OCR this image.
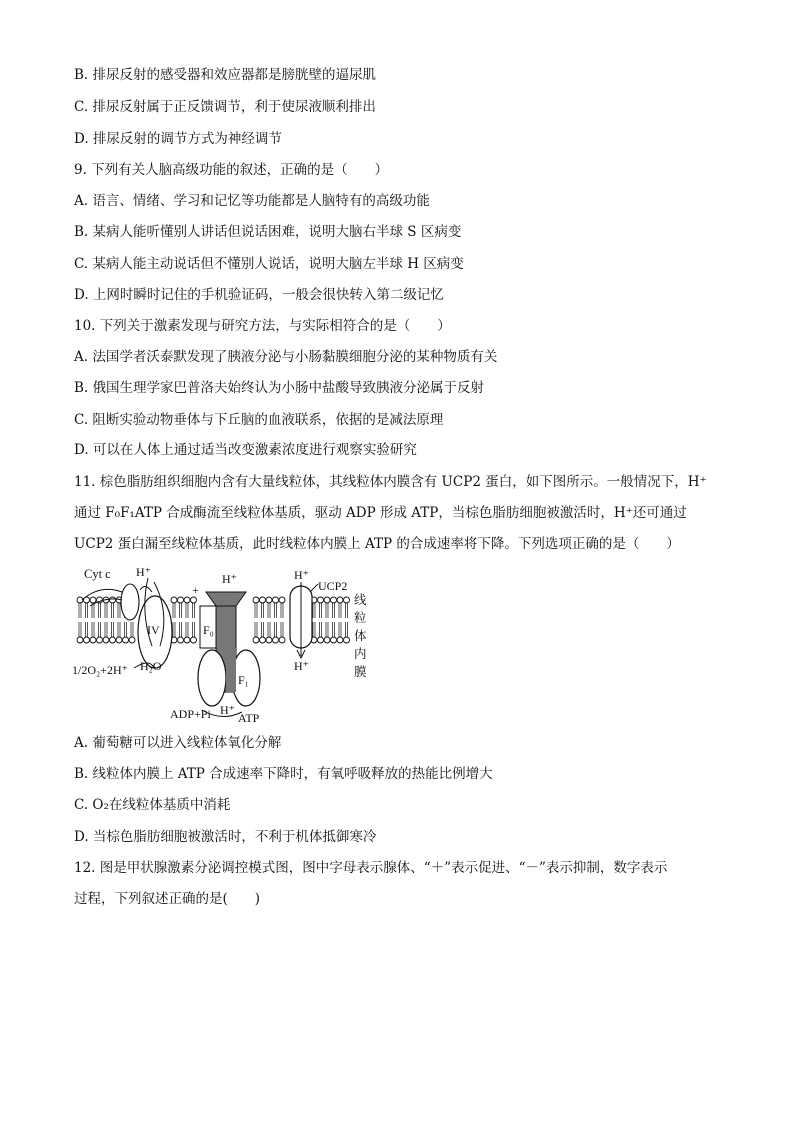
B. 排尿反射的感受器和效应器都是膀胱壁的逼尿肌
C. 排尿反射属于正反馈调节，利于使尿液顺利排出
D. 排尿反射的调节方式为神经调节
9. 下列有关人脑高级功能的叙述，正确的是（　　）
A. 语言、情绪、学习和记忆等功能都是人脑特有的高级功能
B. 某病人能听懂别人讲话但说话困难，说明大脑右半球 S 区病变
C. 某病人能主动说话但不懂别人说话，说明大脑左半球 H 区病变
D. 上网时瞬时记住的手机验证码，一般会很快转入第二级记忆
10. 下列关于激素发现与研究方法，与实际相符合的是（　　）
A. 法国学者沃泰默发现了胰液分泌与小肠黏膜细胞分泌的某种物质有关
B. 俄国生理学家巴普洛夫始终认为小肠中盐酸导致胰液分泌属于反射
C. 阻断实验动物垂体与下丘脑的血液联系，依据的是减法原理
D. 可以在人体上通过适当改变激素浓度进行观察实验研究
11. 棕色脂肪组织细胞内含有大量线粒体，其线粒体内膜含有 UCP2 蛋白，如下图所示。一般情况下，H⁺
通过 F₀F₁ATP 合成酶流至线粒体基质，驱动 ADP 形成 ATP，当棕色脂肪细胞被激活时，H⁺还可通过
UCP2 蛋白漏至线粒体基质，此时线粒体内膜上 ATP 的合成速率将下降。下列选项正确的是（　　）
Cyt c H⁺
IV
+
H⁺
F₀
F₁
H⁺
UCP2
H⁺
线
粒
体
内
膜
1/2O₂+2H⁺ H₂O
ADP+Pi H⁺
ATP
A. 葡萄糖可以进入线粒体氧化分解
B. 线粒体内膜上 ATP 合成速率下降时，有氧呼吸释放的热能比例增大
C. O₂在线粒体基质中消耗
D. 当棕色脂肪细胞被激活时，不利于机体抵御寒冷
12. 图是甲状腺激素分泌调控模式图，图中字母表示腺体、“＋”表示促进、“－”表示抑制，数字表示
过程，下列叙述正确的是(　　)
